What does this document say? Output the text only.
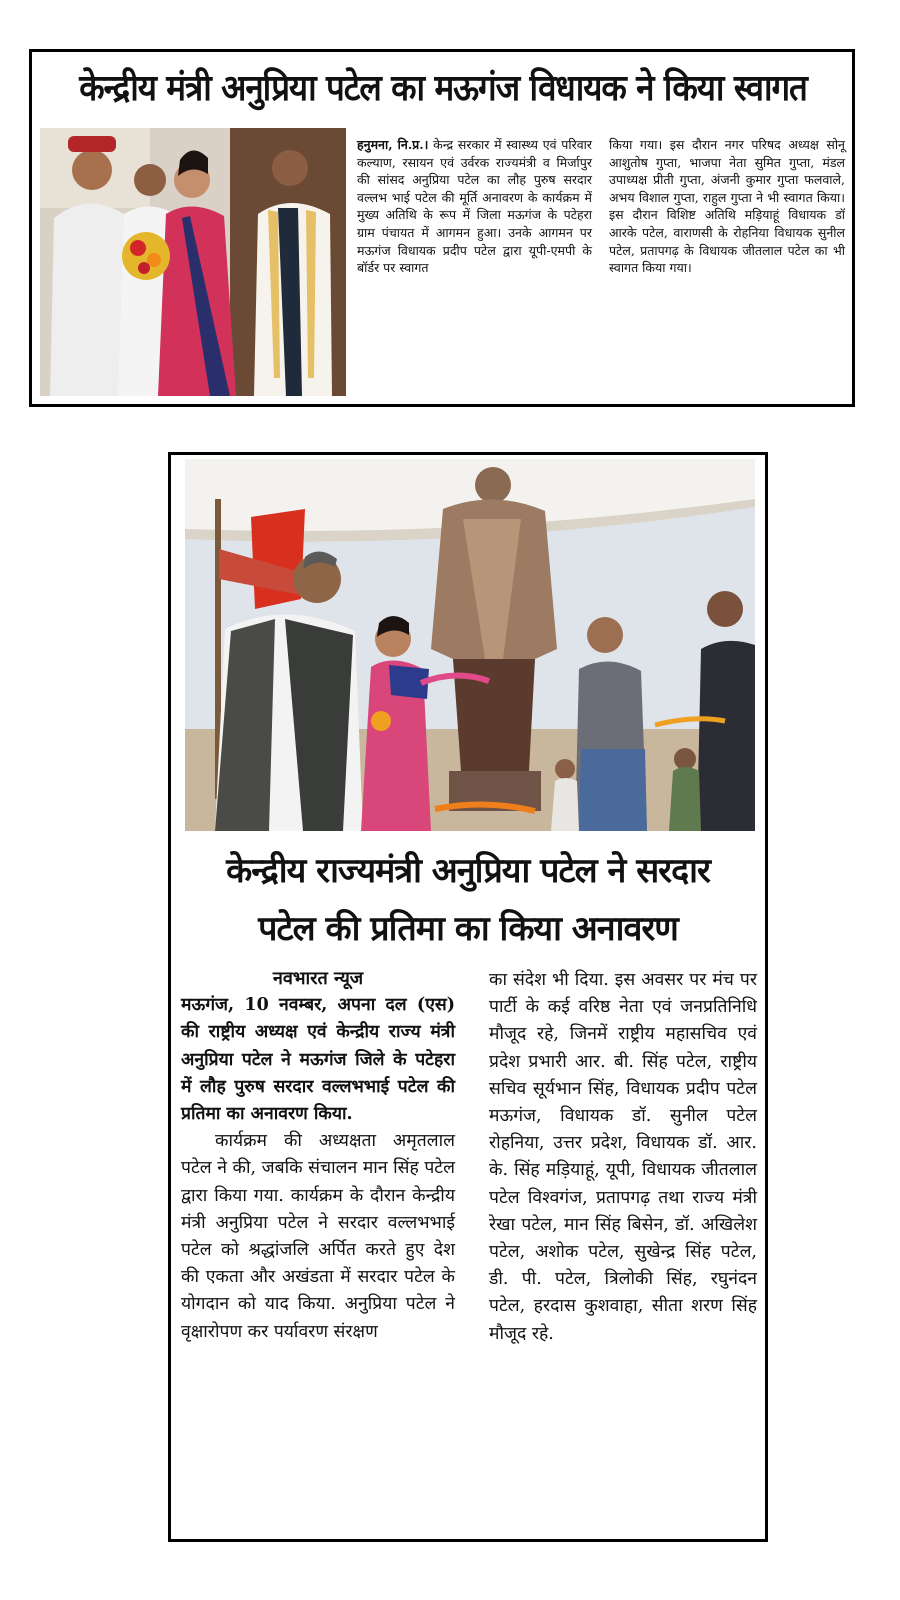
केन्द्रीय मंत्री अनुप्रिया पटेल का मऊगंज विधायक ने किया स्वागत
हनुमना, नि.प्र.। केन्द्र सरकार में स्वास्थ्य एवं परिवार कल्याण, रसायन एवं उर्वरक राज्यमंत्री व मिर्जापुर की सांसद अनुप्रिया पटेल का लौह पुरुष सरदार वल्लभ भाई पटेल की मूर्ति अनावरण के कार्यक्रम में मुख्य अतिथि के रूप में जिला मऊगंज के पटेहरा ग्राम पंचायत में आगमन हुआ। उनके आगमन पर मऊगंज विधायक प्रदीप पटेल द्वारा यूपी-एमपी के बॉर्डर पर स्वागत
किया गया। इस दौरान नगर परिषद अध्यक्ष सोनू आशुतोष गुप्ता, भाजपा नेता सुमित गुप्ता, मंडल उपाध्यक्ष प्रीती गुप्ता, अंजनी कुमार गुप्ता फलवाले, अभय विशाल गुप्ता, राहुल गुप्ता ने भी स्वागत किया। इस दौरान विशिष्ट अतिथि मड़ियाहूं विधायक डॉ आरके पटेल, वाराणसी के रोहनिया विधायक सुनील पटेल, प्रतापगढ़ के विधायक जीतलाल पटेल का भी स्वागत किया गया।
केन्द्रीय राज्यमंत्री अनुप्रिया पटेल ने सरदार
पटेल की प्रतिमा का किया अनावरण
नवभारत न्यूज
मऊगंज, 10 नवम्बर, अपना दल (एस) की राष्ट्रीय अध्यक्ष एवं केन्द्रीय राज्य मंत्री अनुप्रिया पटेल ने मऊगंज जिले के पटेहरा में लौह पुरुष सरदार वल्लभभाई पटेल की प्रतिमा का अनावरण किया.
कार्यक्रम की अध्यक्षता अमृतलाल पटेल ने की, जबकि संचालन मान सिंह पटेल द्वारा किया गया. कार्यक्रम के दौरान केन्द्रीय मंत्री अनुप्रिया पटेल ने सरदार वल्लभभाई पटेल को श्रद्धांजलि अर्पित करते हुए देश की एकता और अखंडता में सरदार पटेल के योगदान को याद किया. अनुप्रिया पटेल ने वृक्षारोपण कर पर्यावरण संरक्षण
का संदेश भी दिया. इस अवसर पर मंच पर पार्टी के कई वरिष्ठ नेता एवं जनप्रतिनिधि मौजूद रहे, जिनमें राष्ट्रीय महासचिव एवं प्रदेश प्रभारी आर. बी. सिंह पटेल, राष्ट्रीय सचिव सूर्यभान सिंह, विधायक प्रदीप पटेल मऊगंज, विधायक डॉ. सुनील पटेल रोहनिया, उत्तर प्रदेश, विधायक डॉ. आर. के. सिंह मड़ियाहूं, यूपी, विधायक जीतलाल पटेल विश्वगंज, प्रतापगढ़ तथा राज्य मंत्री रेखा पटेल, मान सिंह बिसेन, डॉ. अखिलेश पटेल, अशोक पटेल, सुखेन्द्र सिंह पटेल, डी. पी. पटेल, त्रिलोकी सिंह, रघुनंदन पटेल, हरदास कुशवाहा, सीता शरण सिंह मौजूद रहे.
